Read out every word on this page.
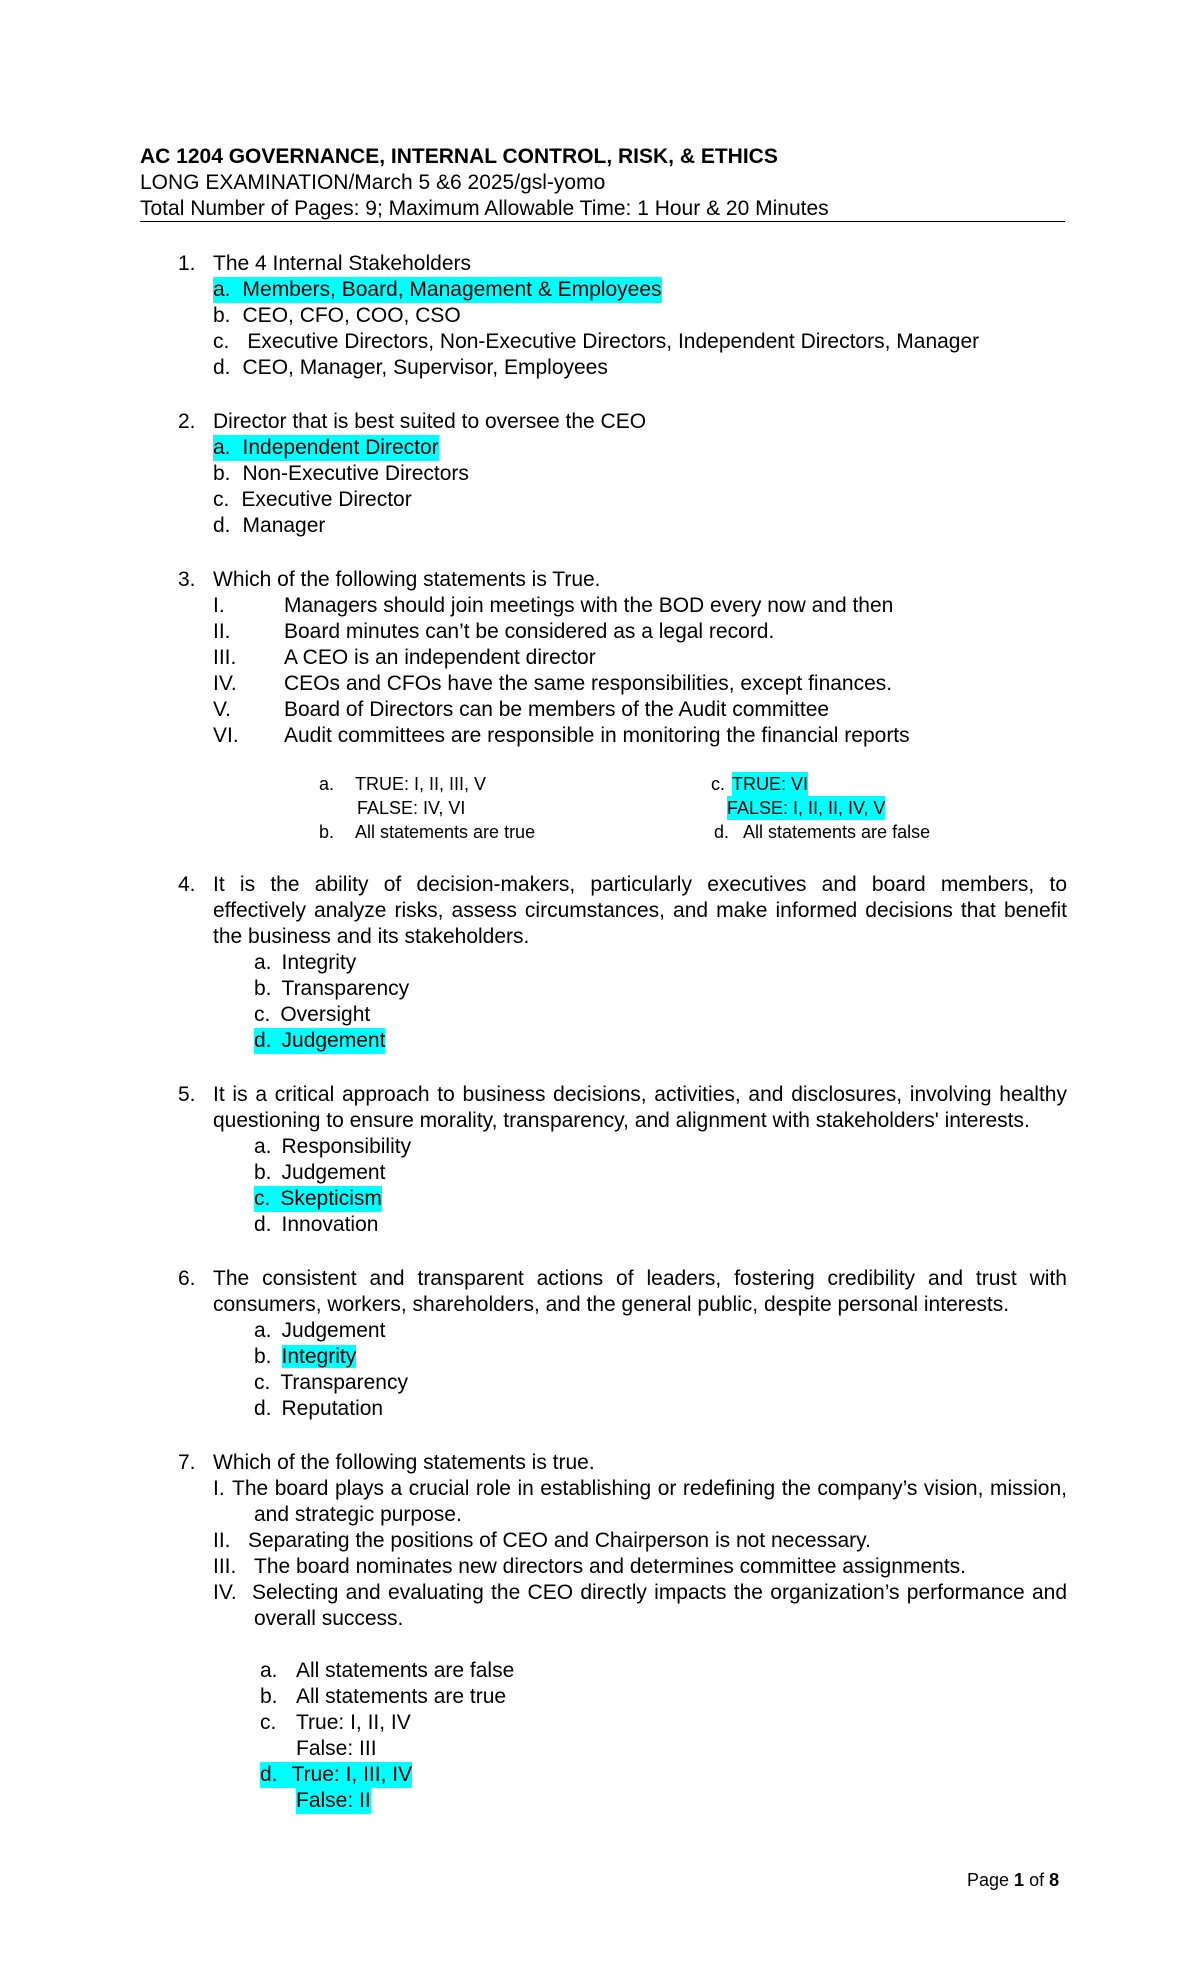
AC 1204 GOVERNANCE, INTERNAL CONTROL, RISK, & ETHICS
LONG EXAMINATION/March 5 &6 2025/gsl-yomo
Total Number of Pages: 9; Maximum Allowable Time: 1 Hour & 20 Minutes
1. The 4 Internal Stakeholders
a. Members, Board, Management & Employees
b. CEO, CFO, COO, CSO
c. Executive Directors, Non-Executive Directors, Independent Directors, Manager
d. CEO, Manager, Supervisor, Employees
2. Director that is best suited to oversee the CEO
a. Independent Director
b. Non-Executive Directors
c. Executive Director
d. Manager
3. Which of the following statements is True.
I.	Managers should join meetings with the BOD every now and then
II.	Board minutes can’t be considered as a legal record.
III. A CEO is an independent director
IV. CEOs and CFOs have the same responsibilities, except finances.
V.	Board of Directors can be members of the Audit committee
VI. Audit committees are responsible in monitoring the financial reports
a. TRUE: I, II, III, V
FALSE: IV, VI
b. All statements are true
c. TRUE: VI
FALSE: I, II, II, IV, V
d. All statements are false
4. It is the ability of decision-makers, particularly executives and board members, to
effectively analyze risks, assess circumstances, and make informed decisions that benefit
the business and its stakeholders.
a. Integrity
b. Transparency
c. Oversight
d. Judgement
5. It is a critical approach to business decisions, activities, and disclosures, involving healthy
questioning to ensure morality, transparency, and alignment with stakeholders' interests.
a. Responsibility
b. Judgement
c. Skepticism
d. Innovation
6. The consistent and transparent actions of leaders, fostering credibility and trust with
consumers, workers, shareholders, and the general public, despite personal interests.
a. Judgement
b. Integrity
c. Transparency
d. Reputation
7. Which of the following statements is true.
I. The board plays a crucial role in establishing or redefining the company’s vision, mission,
and strategic purpose.
II. Separating the positions of CEO and Chairperson is not necessary.
III. The board nominates new directors and determines committee assignments.
IV. Selecting and evaluating the CEO directly impacts the organization’s performance and
overall success.
a. All statements are false
b. All statements are true
c. True: I, II, IV
False: III
d. True: I, III, IV
False: II
Page 1 of 8
